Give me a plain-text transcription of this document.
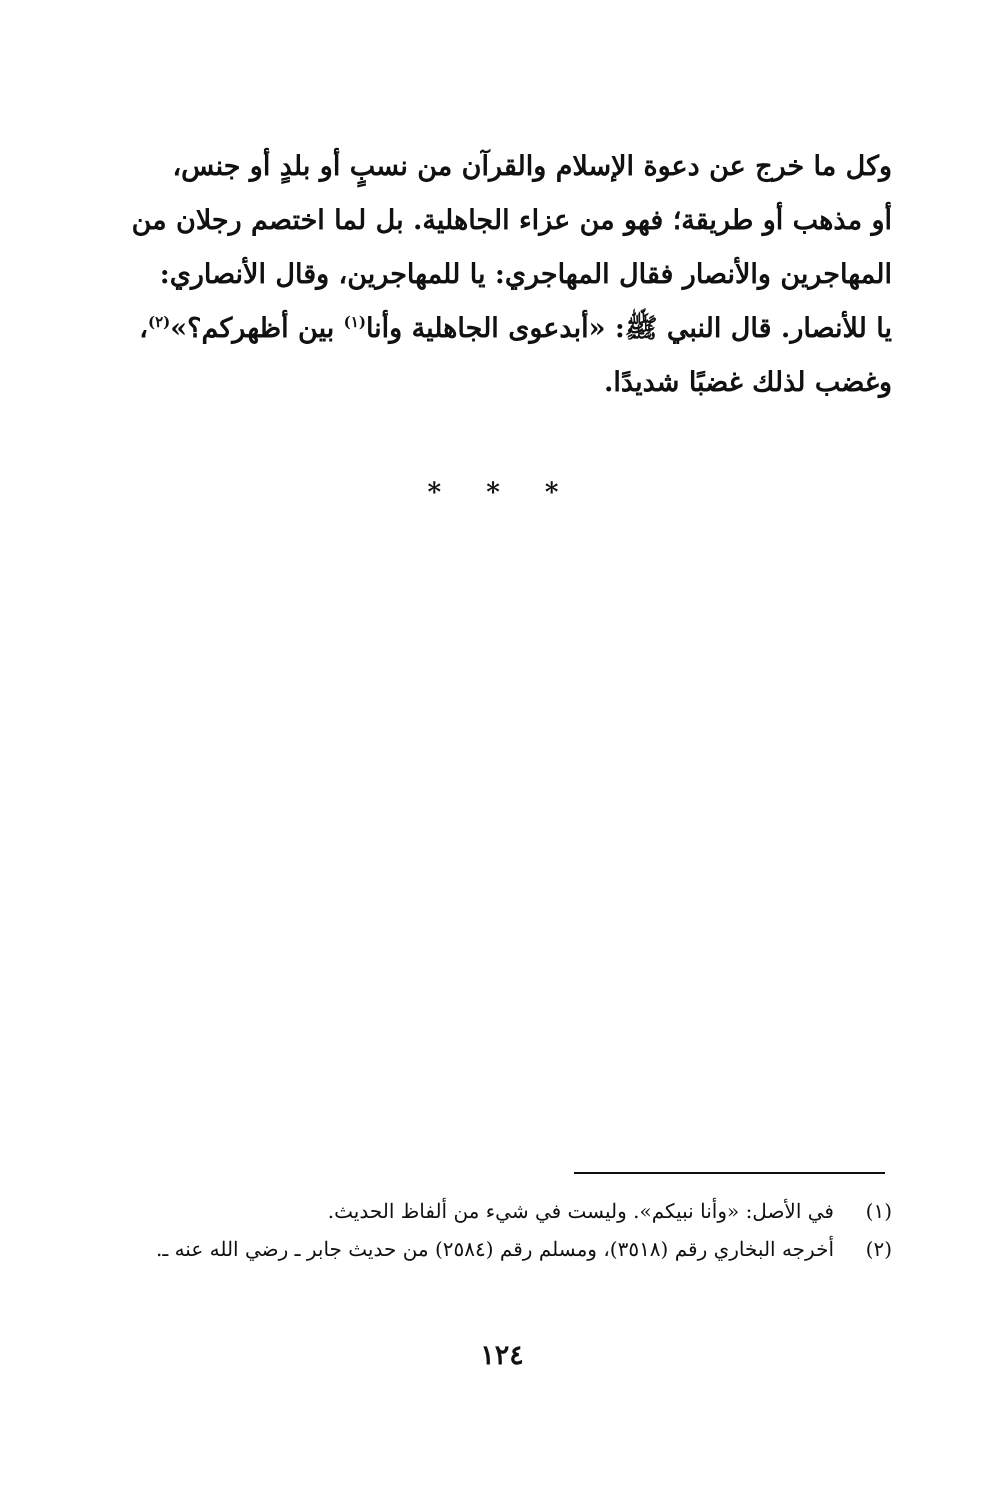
وكل ما خرج عن دعوة الإسلام والقرآن من نسبٍ أو بلدٍ أو جنس،
أو مذهب أو طريقة؛ فهو من عزاء الجاهلية. بل لما اختصم رجلان من
المهاجرين والأنصار فقال المهاجري: يا للمهاجرين، وقال الأنصاري:
يا للأنصار. قال النبي ﷺ: «أبدعوى الجاهلية وأنا$^{(١)}$ بين أظهركم؟»$^{(٢)}$،
وغضب لذلك غضبًا شديدًا.
* * *
(١)
في الأصل: «وأنا نبيكم». وليست في شيء من ألفاظ الحديث.
(٢)
أخرجه البخاري رقم (٣٥١٨)، ومسلم رقم (٢٥٨٤) من حديث جابر ـ رضي الله عنه ـ.
١٢٤
